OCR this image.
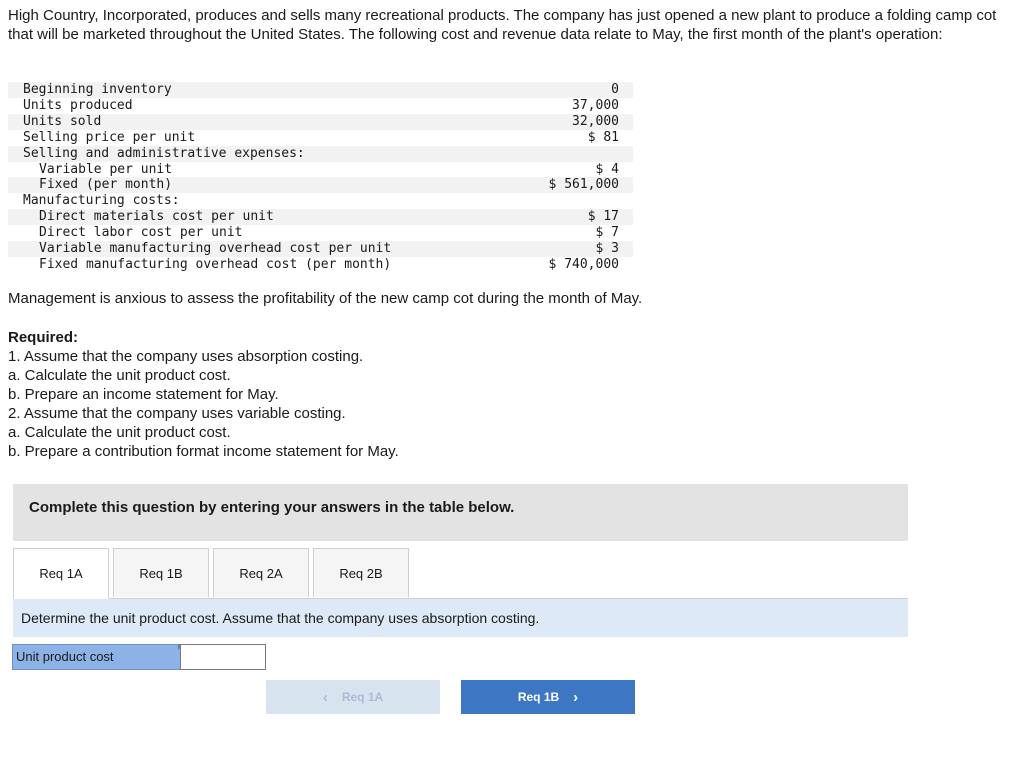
High Country, Incorporated, produces and sells many recreational products. The company has just opened a new plant to produce a folding camp cot that will be marketed throughout the United States. The following cost and revenue data relate to May, the first month of the plant's operation:

Beginning inventory	0
Units produced	37,000
Units sold	32,000
Selling price per unit	$ 81
Selling and administrative expenses:	
Variable per unit	$ 4
Fixed (per month)	$ 561,000
Manufacturing costs:	
Direct materials cost per unit	$ 17
Direct labor cost per unit	$ 7
Variable manufacturing overhead cost per unit	$ 3
Fixed manufacturing overhead cost (per month)	$ 740,000

Management is anxious to assess the profitability of the new camp cot during the month of May.

Required:
1. Assume that the company uses absorption costing.
a. Calculate the unit product cost.
b. Prepare an income statement for May.
2. Assume that the company uses variable costing.
a. Calculate the unit product cost.
b. Prepare a contribution format income statement for May.
Complete this question by entering your answers in the table below.
Req 1A	Req 1B	Req 2A	Req 2B
Determine the unit product cost. Assume that the company uses absorption costing.
Unit product cost
‹ Req 1A	Req 1B ›
